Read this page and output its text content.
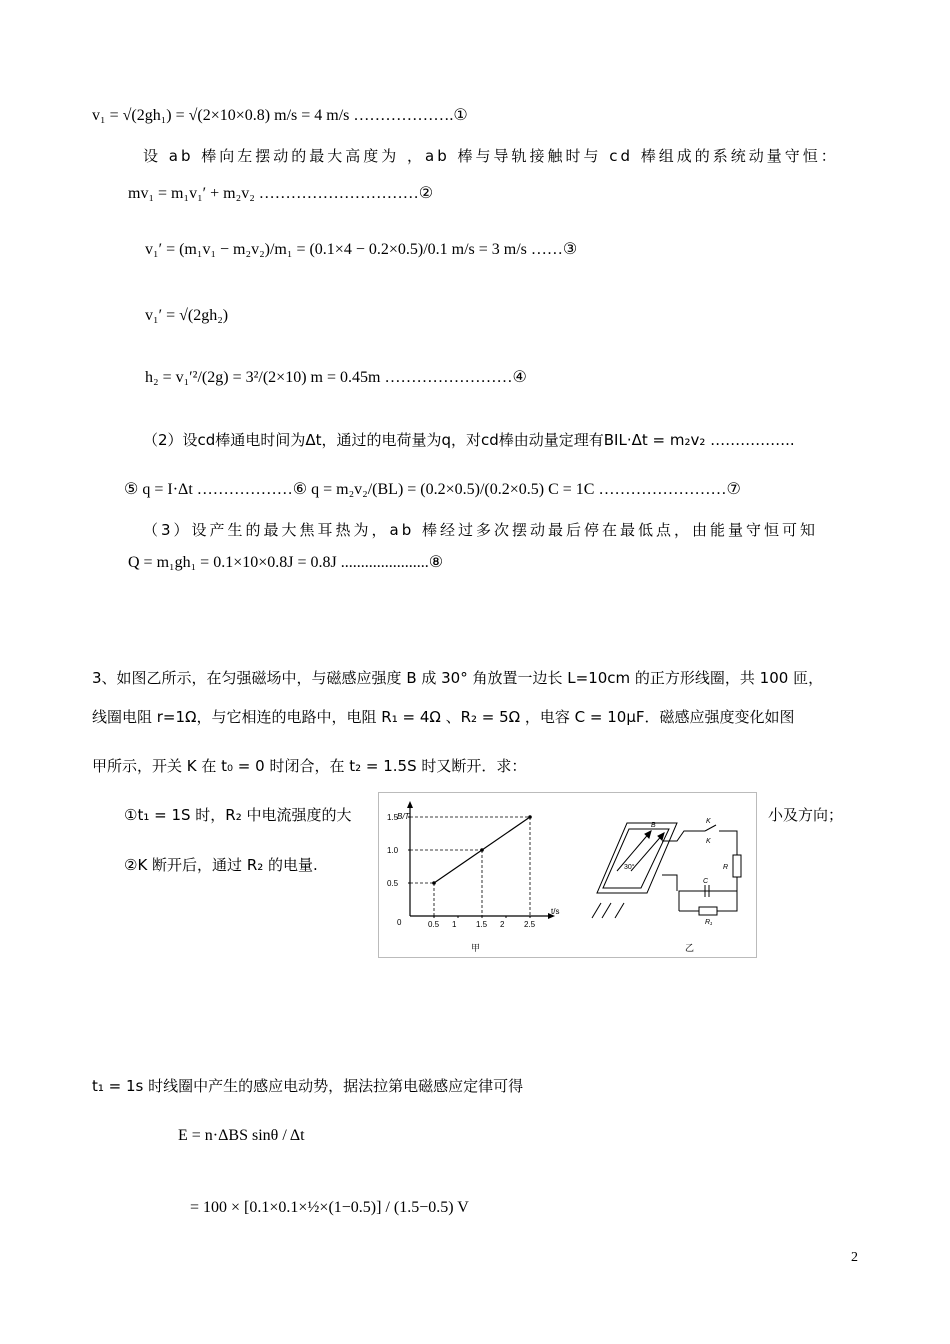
v₁ = √(2gh₁) = √(2×10×0.8) m/s = 4 m/s ……………….①
设 ab 棒向左摆动的最大高度为 ，ab 棒与导轨接触时与 cd 棒组成的系统动量守恒：
mv₁ = m₁v₁′ + m₂v₂ …………………………②
v₁′ = (m₁v₁ − m₂v₂)/m₁ = (0.1×4 − 0.2×0.5)/0.1 m/s = 3 m/s ……③
v₁′ = √(2gh₂)
h₂ = v₁′²/(2g) = 3²/(2×10) m = 0.45m ……………………④
（2）设cd棒通电时间为Δt，通过的电荷量为q，对cd棒由动量定理有BIL·Δt = m₂v₂ ……………..
⑤ q = I·Δt ………………⑥ q = m₂v₂/(BL) = (0.2×0.5)/(0.2×0.5) C = 1C ……………………⑦
（3）设产生的最大焦耳热为，ab 棒经过多次摆动最后停在最低点，由能量守恒可知
Q = m₁gh₁ = 0.1×10×0.8J = 0.8J ......................⑧
3、如图乙所示，在匀强磁场中，与磁感应强度 B 成 30° 角放置一边长 L=10cm 的正方形线圈，共 100 匝，
线圈电阻 r=1Ω，与它相连的电路中，电阻 R₁ = 4Ω 、R₂ = 5Ω ，电容 C = 10μF．磁感应强度变化如图
甲所示，开关 K 在 t₀ = 0 时闭合，在 t₂ = 1.5S 时又断开．求：
①t₁ = 1S 时，R₂ 中电流强度的大	小及方向；
②K 断开后，通过 R₂ 的电量.
B/T
t/s
0
1.5
1.0
0.5
0.5 1 1.5 2 2.5
甲
B
30°
K
K
R
C
R₁
乙
t₁ = 1s 时线圈中产生的感应电动势，据法拉第电磁感应定律可得
E = n·ΔBS sinθ / Δt
= 100 × [0.1×0.1×½×(1−0.5)] / (1.5−0.5) V
2
